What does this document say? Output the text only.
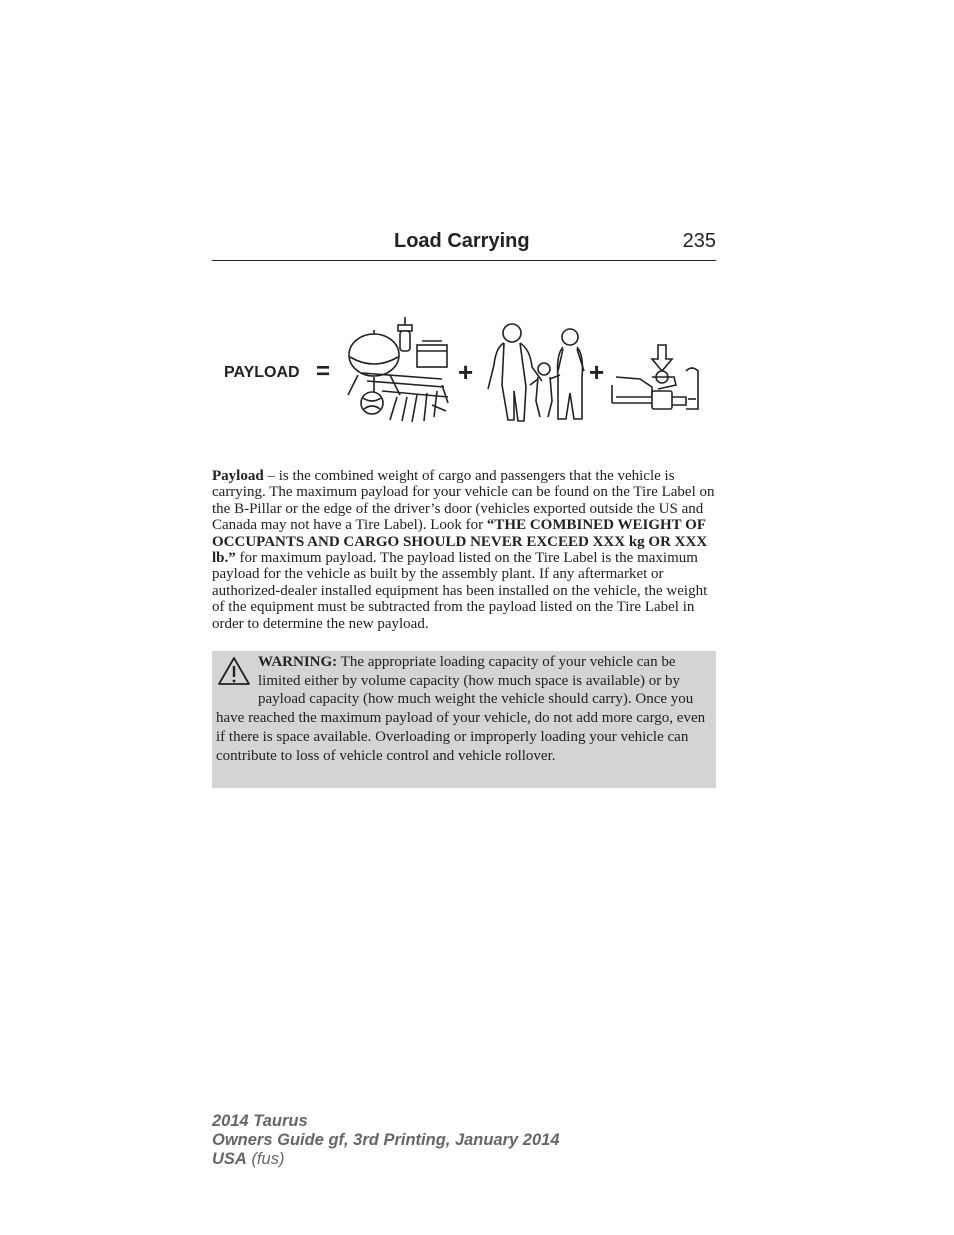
Load Carrying	235
PAYLOAD =	+	+
Payload – is the combined weight of cargo and passengers that the vehicle is carrying. The maximum payload for your vehicle can be found on the Tire Label on the B-Pillar or the edge of the driver’s door (vehicles exported outside the US and Canada may not have a Tire Label). Look for “THE COMBINED WEIGHT OF OCCUPANTS AND CARGO SHOULD NEVER EXCEED XXX kg OR XXX lb.” for maximum payload. The payload listed on the Tire Label is the maximum payload for the vehicle as built by the assembly plant. If any aftermarket or authorized-dealer installed equipment has been installed on the vehicle, the weight of the equipment must be subtracted from the payload listed on the Tire Label in order to determine the new payload.
WARNING: The appropriate loading capacity of your vehicle can be limited either by volume capacity (how much space is available) or by payload capacity (how much weight the vehicle should carry). Once you have reached the maximum payload of your vehicle, do not add more cargo, even if there is space available. Overloading or improperly loading your vehicle can contribute to loss of vehicle control and vehicle rollover.
2014 Taurus
Owners Guide gf, 3rd Printing, January 2014
USA (fus)
